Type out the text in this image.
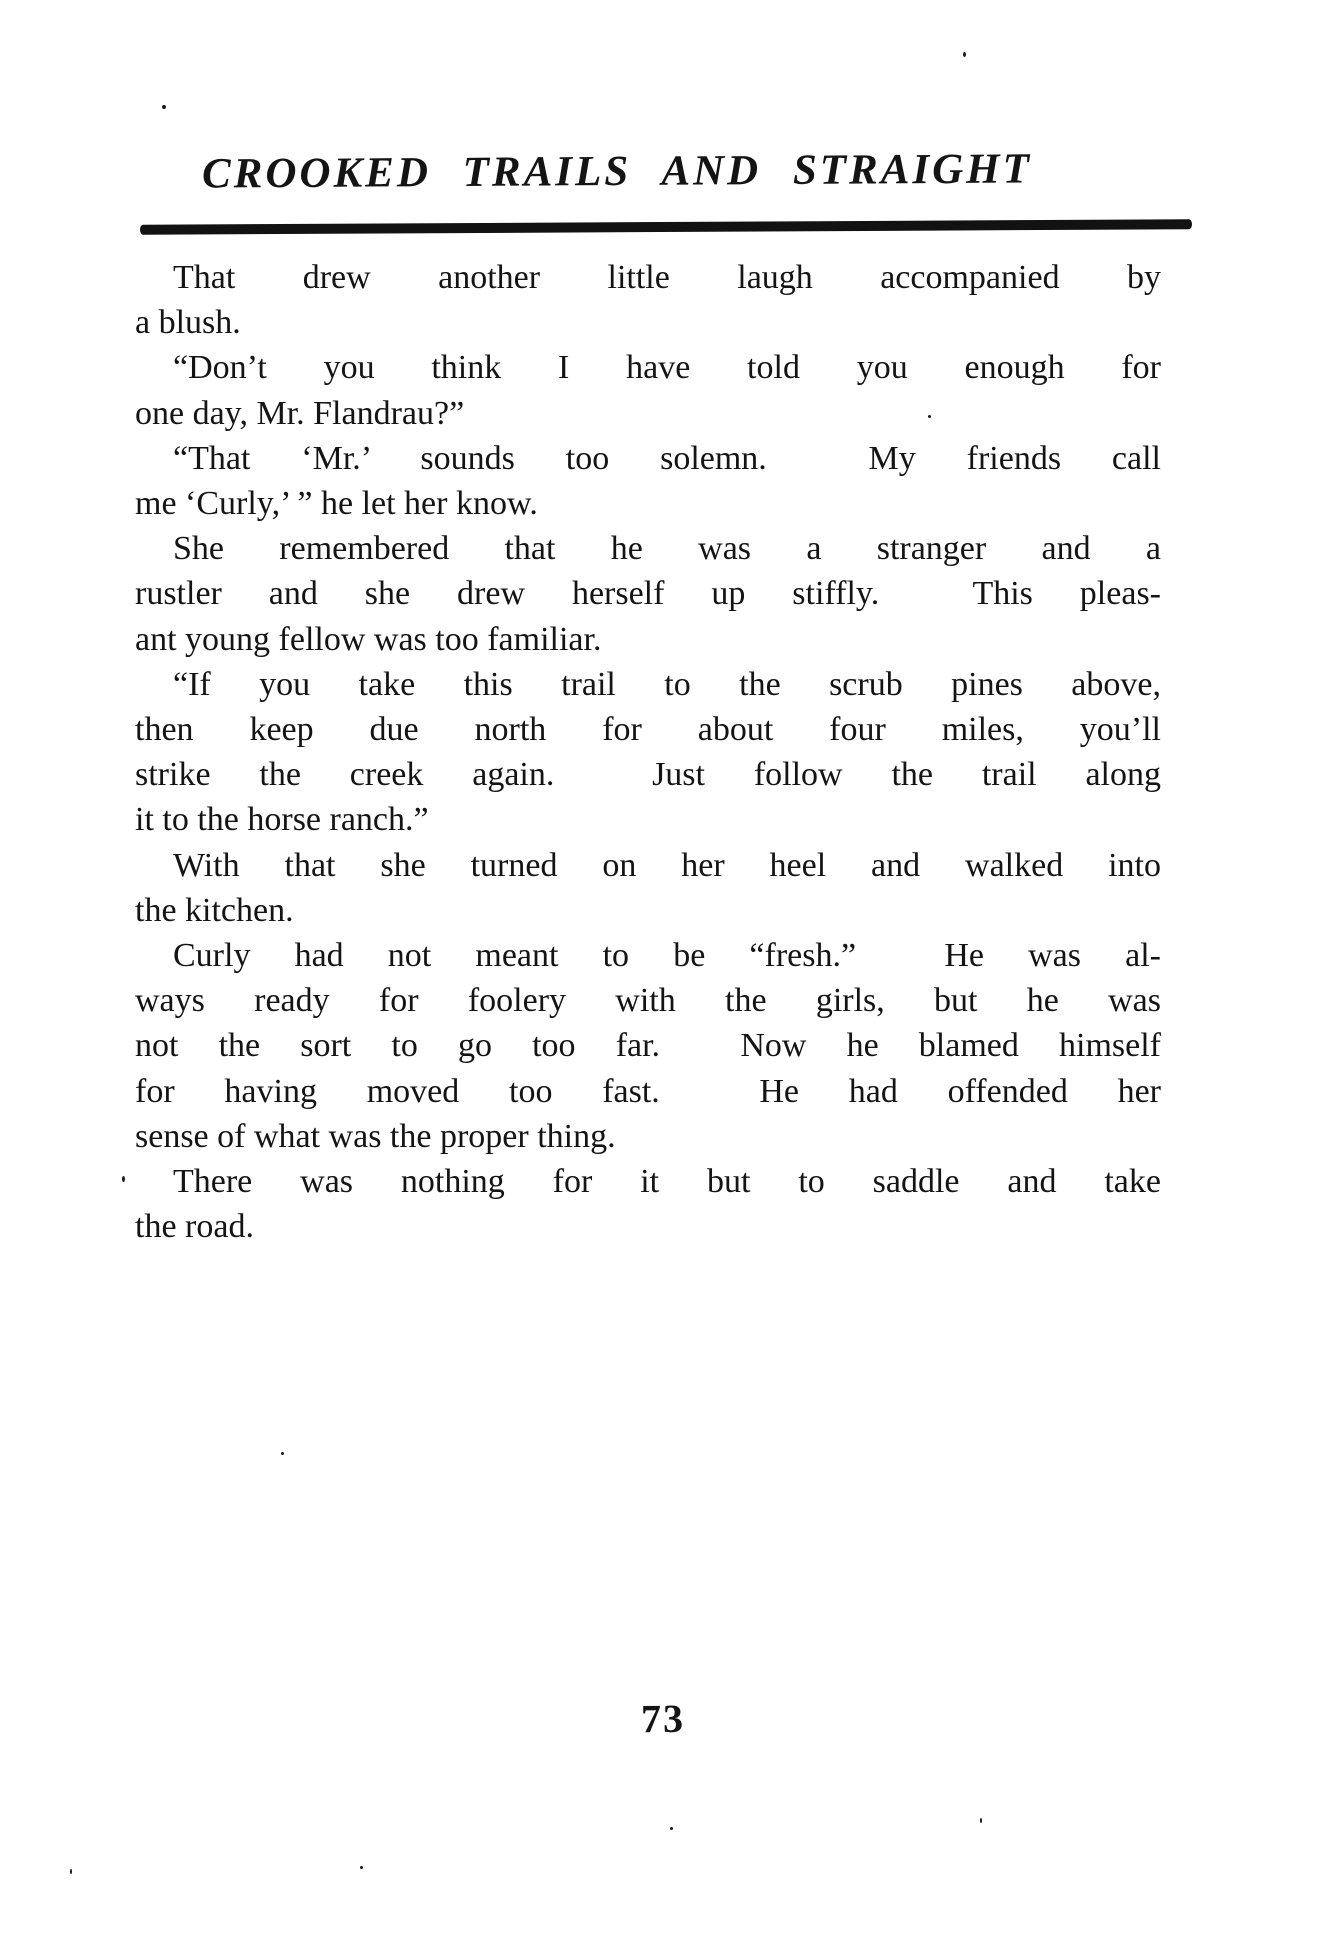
CROOKED TRAILS AND STRAIGHT
That drew another little laugh accompanied by
a blush.
“Don’t you think I have told you enough for
one day, Mr. Flandrau?”
“That ‘Mr.’ sounds too solemn.  My friends call
me ‘Curly,’ ” he let her know.
She remembered that he was a stranger and a
rustler and she drew herself up stiffly.  This pleas-
ant young fellow was too familiar.
“If you take this trail to the scrub pines above,
then keep due north for about four miles, you’ll
strike the creek again.  Just follow the trail along
it to the horse ranch.”
With that she turned on her heel and walked into
the kitchen.
Curly had not meant to be “fresh.”  He was al-
ways ready for foolery with the girls, but he was
not the sort to go too far.  Now he blamed himself
for having moved too fast.  He had offended her
sense of what was the proper thing.
There was nothing for it but to saddle and take
the road.
73
